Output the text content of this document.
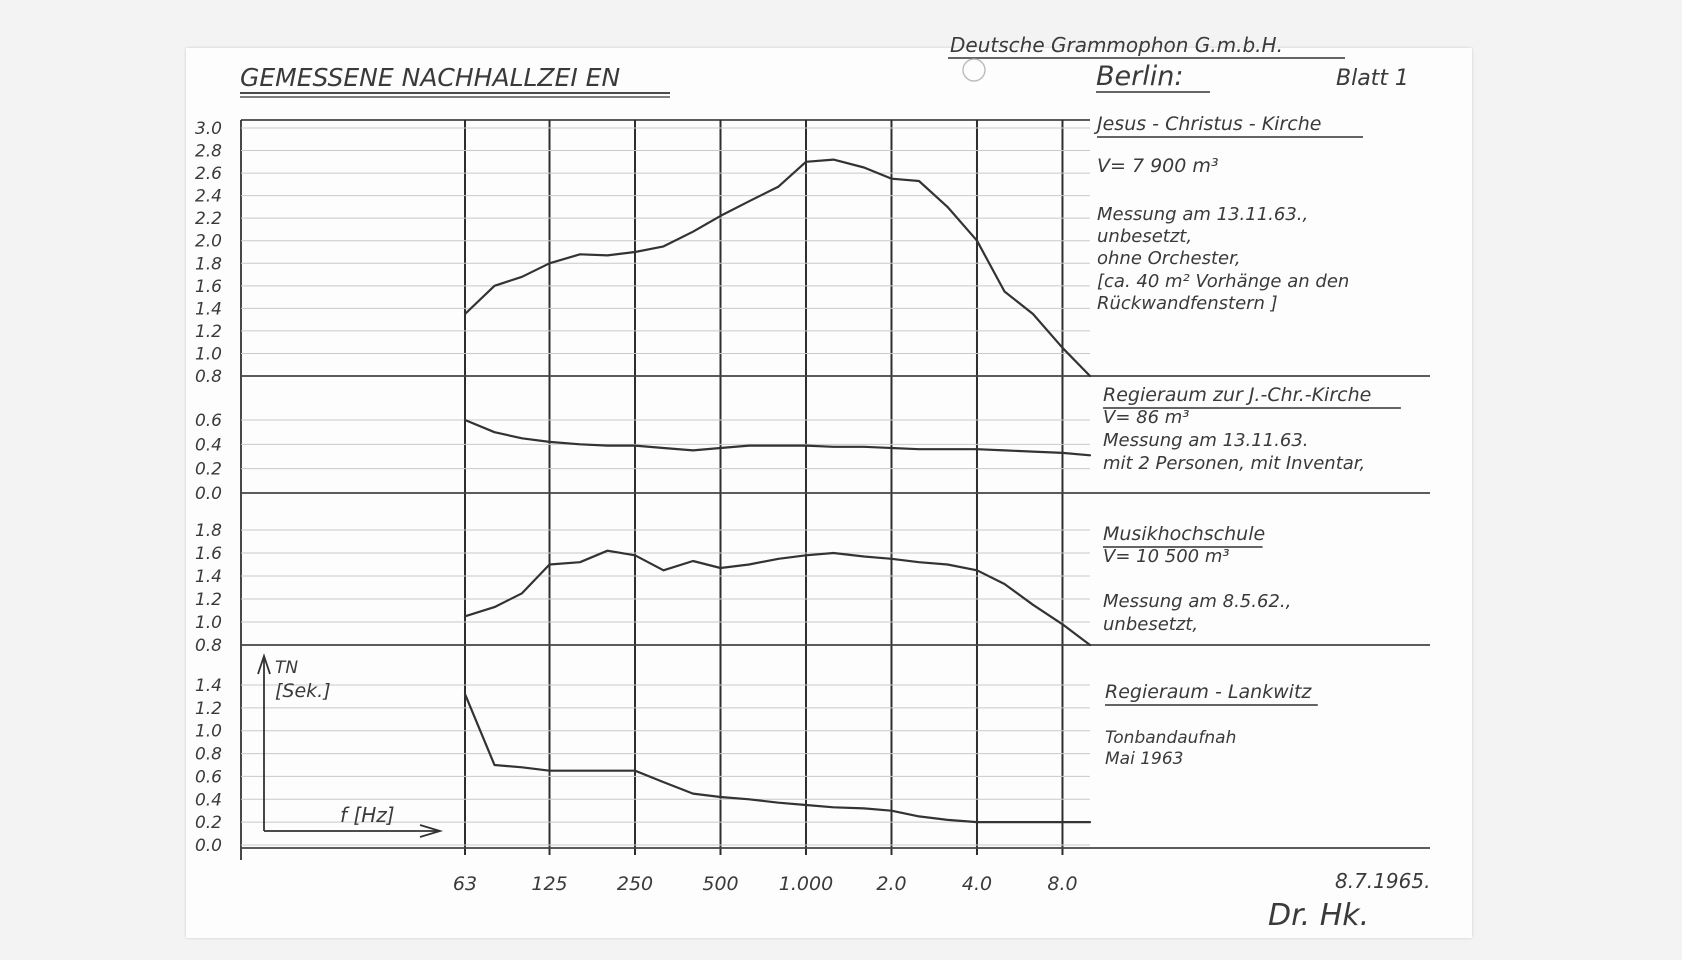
GEMESSENE NACHHALLZEI EN
Deutsche Grammophon G.m.b.H.
Berlin:	Blatt 1
63	125	250	500 1.000 2.0	4.0	8.0
3.0
2.8
2.6
2.4
2.2
2.0
1.8
1.6
1.4
1.2
1.0
0.8
0.6
0.4
0.2
0.0
1.8
1.6
1.4
1.2
1.0
0.8
1.4
1.2
1.0
0.8
0.6
0.4
0.2
0.0
Jesus - Christus - Kirche
V= 7 900 m³
Messung am 13.11.63.,
unbesetzt,
ohne Orchester,
[ca. 40 m² Vorhänge an den
Rückwandfenstern ]
Regieraum zur J.-Chr.-Kirche
V= 86 m³
Messung am 13.11.63.
mit 2 Personen, mit Inventar,
Musikhochschule
V= 10 500 m³
Messung am 8.5.62.,
unbesetzt,
Regieraum - Lankwitz
Tonbandaufnah
Mai 1963
TN
[Sek.]
f [Hz]
8.7.1965.
Dr. Hk.
